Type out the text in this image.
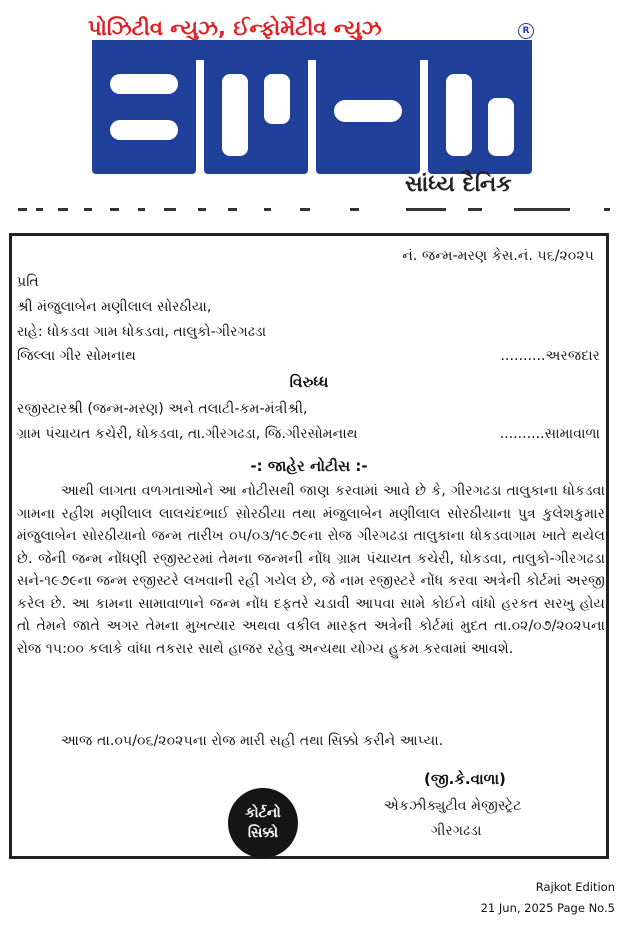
પોઝિટીવ ન્યુઝ, ઈન્ફોર્મેટીવ ન્યુઝ	R
અબતક
સાંધ્ય દૈનિક
નં. જન્મ-મરણ કેસ.નં. ૫૬/૨૦૨૫
પ્રતિ
શ્રી મંજુલાબેન મણીલાલ સોરઠીયા,
રાહે: ધોકડવા ગામ ધોકડવા, તાલુકો-ગીરગઢડા
જિલ્લા ગીર સોમનાથ	..........અરજદાર
વિરુધ્ધ
રજીસ્ટારશ્રી (જન્મ-મરણ) અને તલાટી-કમ-મંત્રીશ્રી,
ગ્રામ પંચાયત કચેરી, ધોકડવા, તા.ગીરગઢડા, જિ.ગીરસોમનાથ	..........સામાવાળા
-: જાહેર નોટીસ :-
આથી લાગતા વળગતાઓને આ નોટીસથી જાણ કરવામાં આવે છે કે, ગીરગઢડા તાલુકાના ધોકડવા ગામના રહીશ મણીલાલ લાલચંદભાઈ સોરઠીયા તથા મંજુલાબેન મણીલાલ સોરઠીયાના પુત્ર કુલેશકુમાર મંજુલાબેન સોરઠીયાનો જન્મ તારીખ ૦૫/૦૩/૧૯૭૯ના રોજ ગીરગઢડા તાલુકાના ધોકડવાગામ ખાતે થયેલ છે. જેની જન્મ નોંધણી રજીસ્ટરમાં તેમના જન્મની નોંધ ગ્રામ પંચાયત કચેરી, ધોકડવા, તાલુકો-ગીરગઢડા સને-૧૯૭૯ના જન્મ રજીસ્ટરે લખવાની રહી ગયેલ છે, જે નામ રજીસ્ટરે નોંધ કરવા અત્રેની કોર્ટમાં અરજી કરેલ છે. આ કામના સામાવાળાને જન્મ નોંધ દફતરે ચડાવી આપવા સામે કોઈને વાંધો હરકત સરખુ હોય તો તેમને જાતે અગર તેમના મુખત્યાર અથવા વકીલ મારફત અત્રેની કોર્ટમાં મુદત તા.૦૨/૦૭/૨૦૨૫ના રોજ ૧૫:૦૦ કલાકે વાંધા તકરાર સાથે હાજર રહેવુ અન્યથા યોગ્ય હુકમ કરવામાં આવશે.
આજ તા.૦૫/૦૬/૨૦૨૫ના રોજ મારી સહી તથા સિક્કો કરીને આપ્યા.
(જી.કે.વાળા)
એકઝીક્યુટીવ મેજીસ્ટ્રેટ
ગીરગઢડા
કોર્ટનો
સિક્કો
Rajkot Edition
21 Jun, 2025 Page No.5
